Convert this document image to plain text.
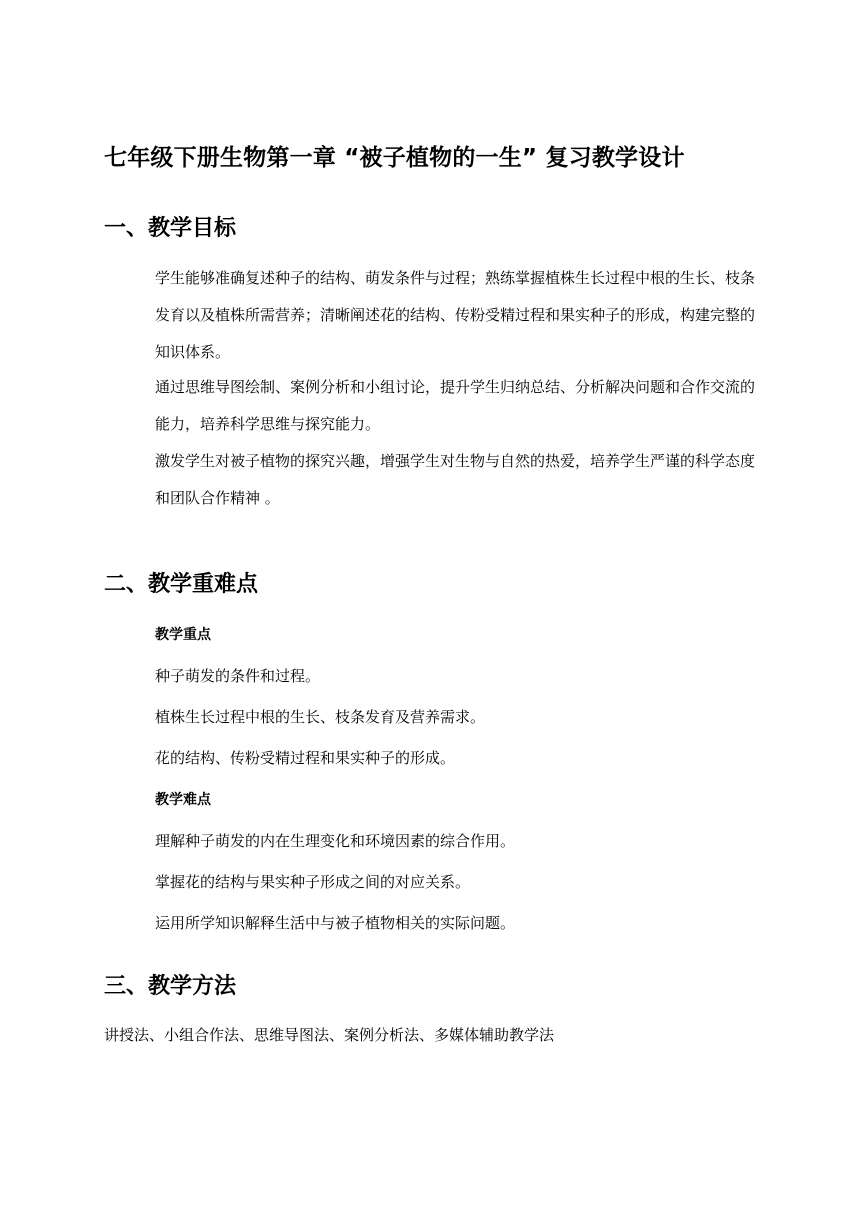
七年级下册生物第一章 “被子植物的一生” 复习教学设计
一、教学目标
学生能够准确复述种子的结构、萌发条件与过程；熟练掌握植株生长过程中根的生长、枝条发育以及植株所需营养；清晰阐述花的结构、传粉受精过程和果实种子的形成，构建完整的知识体系。
通过思维导图绘制、案例分析和小组讨论，提升学生归纳总结、分析解决问题和合作交流的能力，培养科学思维与探究能力。
激发学生对被子植物的探究兴趣，增强学生对生物与自然的热爱，培养学生严谨的科学态度和团队合作精神 。
二、教学重难点
教学重点
种子萌发的条件和过程。
植株生长过程中根的生长、枝条发育及营养需求。
花的结构、传粉受精过程和果实种子的形成。
教学难点
理解种子萌发的内在生理变化和环境因素的综合作用。
掌握花的结构与果实种子形成之间的对应关系。
运用所学知识解释生活中与被子植物相关的实际问题。
三、教学方法
讲授法、小组合作法、思维导图法、案例分析法、多媒体辅助教学法
